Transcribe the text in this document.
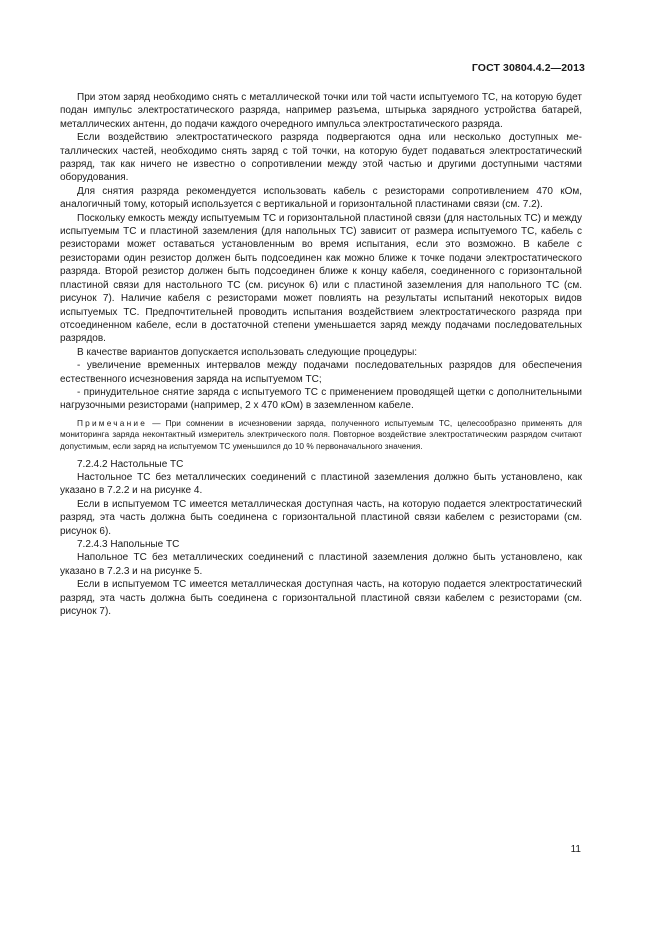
ГОСТ 30804.4.2—2013

При этом заряд необходимо снять с металлической точки или той части испытуемого ТС, на которую будет подан импульс электростатического разряда, например разъема, штырька зарядного устройства батарей, металлических антенн, до подачи каждого очередного импульса электростатического разряда.

Если воздействию электростатического разряда подвергаются одна или несколько доступных металлических частей, необходимо снять заряд с той точки, на которую будет подаваться электростатический разряд, так как ничего не известно о сопротивлении между этой частью и другими доступными частями оборудования.

Для снятия разряда рекомендуется использовать кабель с резисторами сопротивлением 470 кОм, аналогичный тому, который используется с вертикальной и горизонтальной пластинами связи (см. 7.2).

Поскольку емкость между испытуемым ТС и горизонтальной пластиной связи (для настольных ТС) и между испытуемым ТС и пластиной заземления (для напольных ТС) зависит от размера испытуемого ТС, кабель с резисторами может оставаться установленным во время испытания, если это возможно. В кабеле с резисторами один резистор должен быть подсоединен как можно ближе к точке подачи электростатического разряда. Второй резистор должен быть подсоединен ближе к концу кабеля, соединенного с горизонтальной пластиной связи для настольного ТС (см. рисунок 6) или с пластиной заземления для напольного ТС (см. рисунок 7). Наличие кабеля с резисторами может повлиять на результаты испытаний некоторых видов испытуемых ТС. Предпочтительней проводить испытания воздействием электростатического разряда при отсоединенном кабеле, если в достаточной степени уменьшается заряд между подачами последовательных разрядов.

В качестве вариантов допускается использовать следующие процедуры:

- увеличение временных интервалов между подачами последовательных разрядов для обеспечения естественного исчезновения заряда на испытуемом ТС;

- принудительное снятие заряда с испытуемого ТС с применением проводящей щетки с дополнительными нагрузочными резисторами (например, 2 х 470 кОм) в заземленном кабеле.

Примечание — При сомнении в исчезновении заряда, полученного испытуемым ТС, целесообразно применять для мониторинга заряда неконтактный измеритель электрического поля. Повторное воздействие электростатическим разрядом считают допустимым, если заряд на испытуемом ТС уменьшился до 10 % первоначального значения.

7.2.4.2 Настольные ТС

Настольное ТС без металлических соединений с пластиной заземления должно быть установлено, как указано в 7.2.2 и на рисунке 4.

Если в испытуемом ТС имеется металлическая доступная часть, на которую подается электростатический разряд, эта часть должна быть соединена с горизонтальной пластиной связи кабелем с резисторами (см. рисунок 6).

7.2.4.3 Напольные ТС

Напольное ТС без металлических соединений с пластиной заземления должно быть установлено, как указано в 7.2.3 и на рисунке 5.

Если в испытуемом ТС имеется металлическая доступная часть, на которую подается электростатический разряд, эта часть должна быть соединена с горизонтальной пластиной связи кабелем с резисторами (см. рисунок 7).

11
